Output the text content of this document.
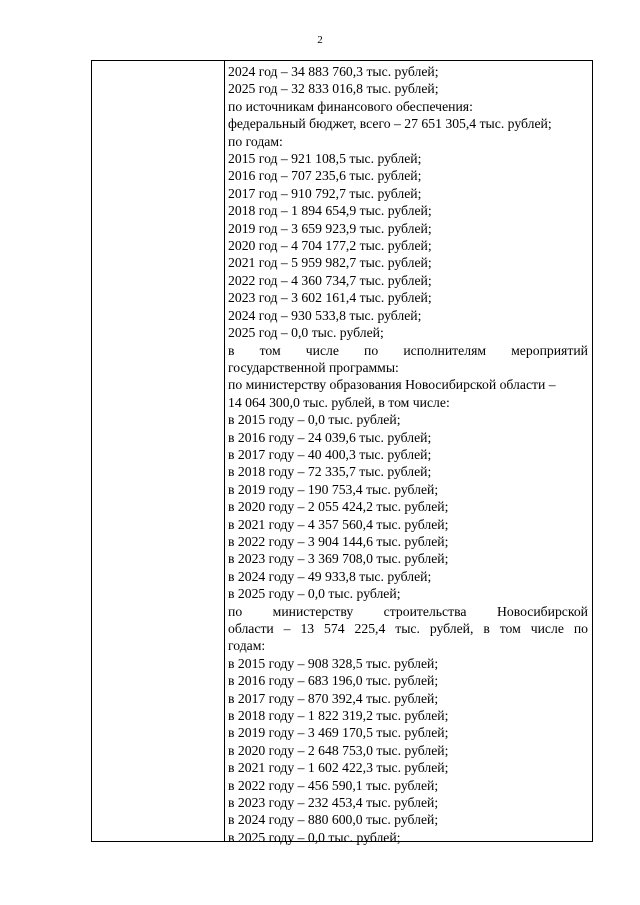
2
2024 год – 34 883 760,3 тыс. рублей;
2025 год – 32 833 016,8 тыс. рублей;
по источникам финансового обеспечения:
федеральный бюджет, всего – 27 651 305,4 тыс. рублей;
по годам:
2015 год – 921 108,5 тыс. рублей;
2016 год – 707 235,6 тыс. рублей;
2017 год – 910 792,7 тыс. рублей;
2018 год – 1 894 654,9 тыс. рублей;
2019 год – 3 659 923,9 тыс. рублей;
2020 год – 4 704 177,2 тыс. рублей;
2021 год – 5 959 982,7 тыс. рублей;
2022 год – 4 360 734,7 тыс. рублей;
2023 год – 3 602 161,4 тыс. рублей;
2024 год – 930 533,8 тыс. рублей;
2025 год – 0,0 тыс. рублей;
в том числе по исполнителям мероприятий
государственной программы:
по министерству образования Новосибирской области –
14 064 300,0 тыс. рублей, в том числе:
в 2015 году – 0,0 тыс. рублей;
в 2016 году – 24 039,6 тыс. рублей;
в 2017 году – 40 400,3 тыс. рублей;
в 2018 году – 72 335,7 тыс. рублей;
в 2019 году – 190 753,4 тыс. рублей;
в 2020 году – 2 055 424,2 тыс. рублей;
в 2021 году – 4 357 560,4 тыс. рублей;
в 2022 году – 3 904 144,6 тыс. рублей;
в 2023 году – 3 369 708,0 тыс. рублей;
в 2024 году – 49 933,8 тыс. рублей;
в 2025 году – 0,0 тыс. рублей;
по министерству строительства Новосибирской
области – 13 574 225,4 тыс. рублей, в том числе по
годам:
в 2015 году – 908 328,5 тыс. рублей;
в 2016 году – 683 196,0 тыс. рублей;
в 2017 году – 870 392,4 тыс. рублей;
в 2018 году – 1 822 319,2 тыс. рублей;
в 2019 году – 3 469 170,5 тыс. рублей;
в 2020 году – 2 648 753,0 тыс. рублей;
в 2021 году – 1 602 422,3 тыс. рублей;
в 2022 году – 456 590,1 тыс. рублей;
в 2023 году – 232 453,4 тыс. рублей;
в 2024 году – 880 600,0 тыс. рублей;
в 2025 году – 0,0 тыс. рублей;
